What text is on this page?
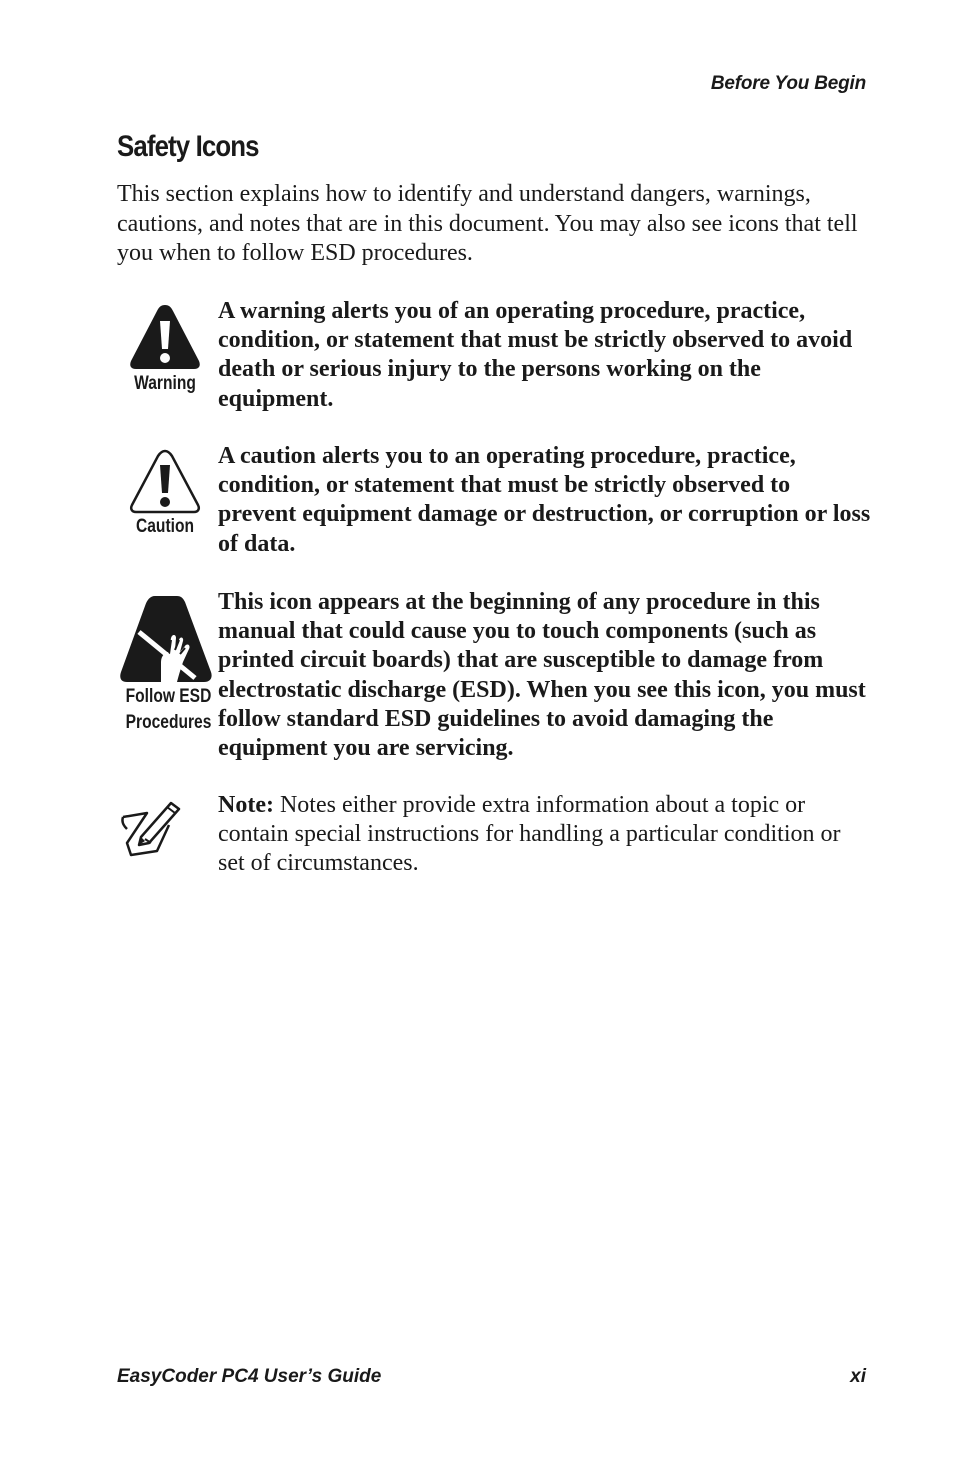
Before You Begin
Safety Icons

This section explains how to identify and understand dangers, warnings, cautions, and notes that are in this document. You may also see icons that tell you when to follow ESD procedures.

Warning

A warning alerts you of an operating procedure, practice, condition, or statement that must be strictly observed to avoid death or serious injury to the persons working on the equipment.

Caution

A caution alerts you to an operating procedure, practice, condition, or statement that must be strictly observed to prevent equipment damage or destruction, or corruption or loss of data.

Follow ESD
Procedures

This icon appears at the beginning of any procedure in this manual that could cause you to touch components (such as printed circuit boards) that are susceptible to damage from electrostatic discharge (ESD). When you see this icon, you must follow standard ESD guidelines to avoid damaging the equipment you are servicing.

Note: Notes either provide extra information about a topic or contain special instructions for handling a particular condition or set of circumstances.

EasyCoder PC4 User’s Guide	xi
